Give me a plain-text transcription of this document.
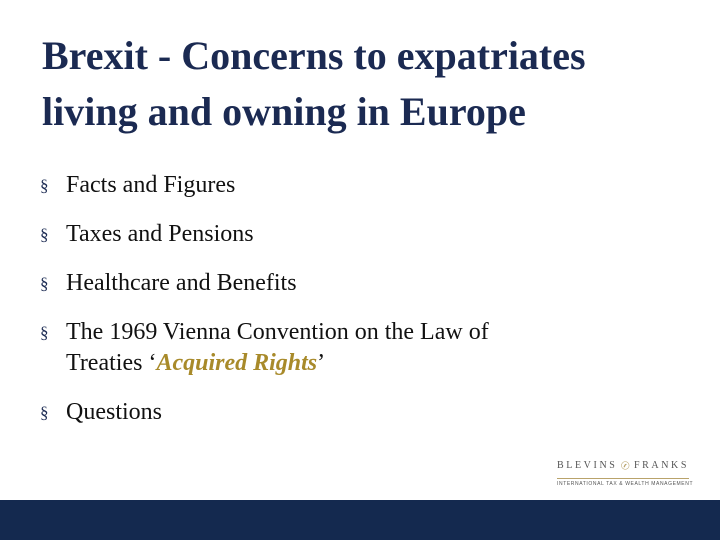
Brexit - Concerns to expatriates
living and owning in Europe
§ Facts and Figures
§ Taxes and Pensions
§ Healthcare and Benefits
§ The 1969 Vienna Convention on the Law of
Treaties ‘Acquired Rights’
§ Questions
BLEVINS FRANKS
INTERNATIONAL TAX & WEALTH MANAGEMENT
